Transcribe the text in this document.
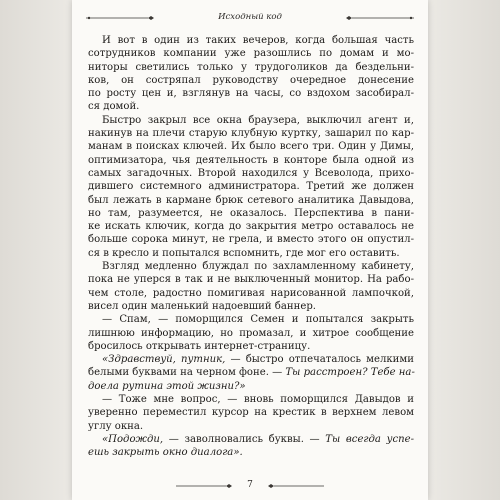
Исходный код
И вот в один из таких вечеров, когда большая часть
сотрудников компании уже разошлись по домам и мо-
ниторы светились только у трудоголиков да бездельни-
ков, он состряпал руководству очередное донесение
по росту цен и, взглянув на часы, со вздохом засобирал-
ся домой.
Быстро закрыл все окна браузера, выключил агент и,
накинув на плечи старую клубную куртку, зашарил по кар-
манам в поисках ключей. Их было всего три. Один у Димы,
оптимизатора, чья деятельность в конторе была одной из
самых загадочных. Второй находился у Всеволода, прихо-
дившего системного администратора. Третий же должен
был лежать в кармане брюк сетевого аналитика Давыдова,
но там, разумеется, не оказалось. Перспектива в пани-
ке искать ключик, когда до закрытия метро оставалось не
больше сорока минут, не грела, и вместо этого он опустил-
ся в кресло и попытался вспомнить, где мог его оставить.
Взгляд медленно блуждал по захламленному кабинету,
пока не уперся в так и не выключенный монитор. На рабо-
чем столе, радостно помигивая нарисованной лампочкой,
висел один маленький надоевший баннер.
— Спам, — поморщился Семен и попытался закрыть
лишнюю информацию, но промазал, и хитрое сообщение
бросилось открывать интернет-страницу.
«Здравствуй, путник, — быстро отпечаталось мелкими
белыми буквами на черном фоне. — Ты расстроен? Тебе на-
доела рутина этой жизни?»
— Тоже мне вопрос, — вновь поморщился Давыдов и
уверенно переместил курсор на крестик в верхнем левом
углу окна.
«Подожди, — заволновались буквы. — Ты всегда успе-
ешь закрыть окно диалога».
7
